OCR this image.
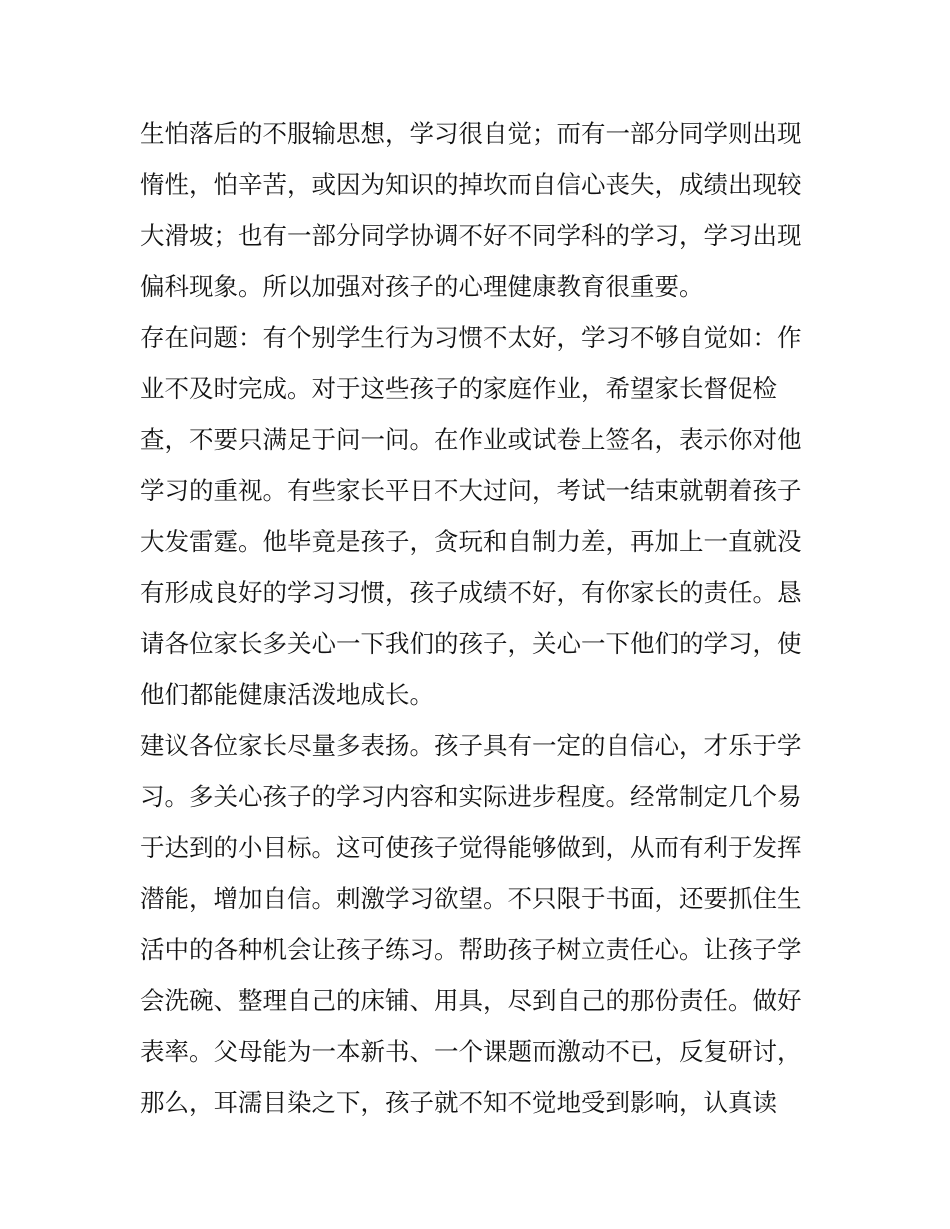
生怕落后的不服输思想，学习很自觉；而有一部分同学则出现
惰性，怕辛苦，或因为知识的掉坎而自信心丧失，成绩出现较
大滑坡；也有一部分同学协调不好不同学科的学习，学习出现
偏科现象。所以加强对孩子的心理健康教育很重要。
存在问题：有个别学生行为习惯不太好，学习不够自觉如：作
业不及时完成。对于这些孩子的家庭作业，希望家长督促检
查，不要只满足于问一问。在作业或试卷上签名，表示你对他
学习的重视。有些家长平日不大过问，考试一结束就朝着孩子
大发雷霆。他毕竟是孩子，贪玩和自制力差，再加上一直就没
有形成良好的学习习惯，孩子成绩不好，有你家长的责任。恳
请各位家长多关心一下我们的孩子，关心一下他们的学习，使
他们都能健康活泼地成长。
建议各位家长尽量多表扬。孩子具有一定的自信心，才乐于学
习。多关心孩子的学习内容和实际进步程度。经常制定几个易
于达到的小目标。这可使孩子觉得能够做到，从而有利于发挥
潜能，增加自信。刺激学习欲望。不只限于书面，还要抓住生
活中的各种机会让孩子练习。帮助孩子树立责任心。让孩子学
会洗碗、整理自己的床铺、用具，尽到自己的那份责任。做好
表率。父母能为一本新书、一个课题而激动不已，反复研讨，
那么，耳濡目染之下，孩子就不知不觉地受到影响，认真读
